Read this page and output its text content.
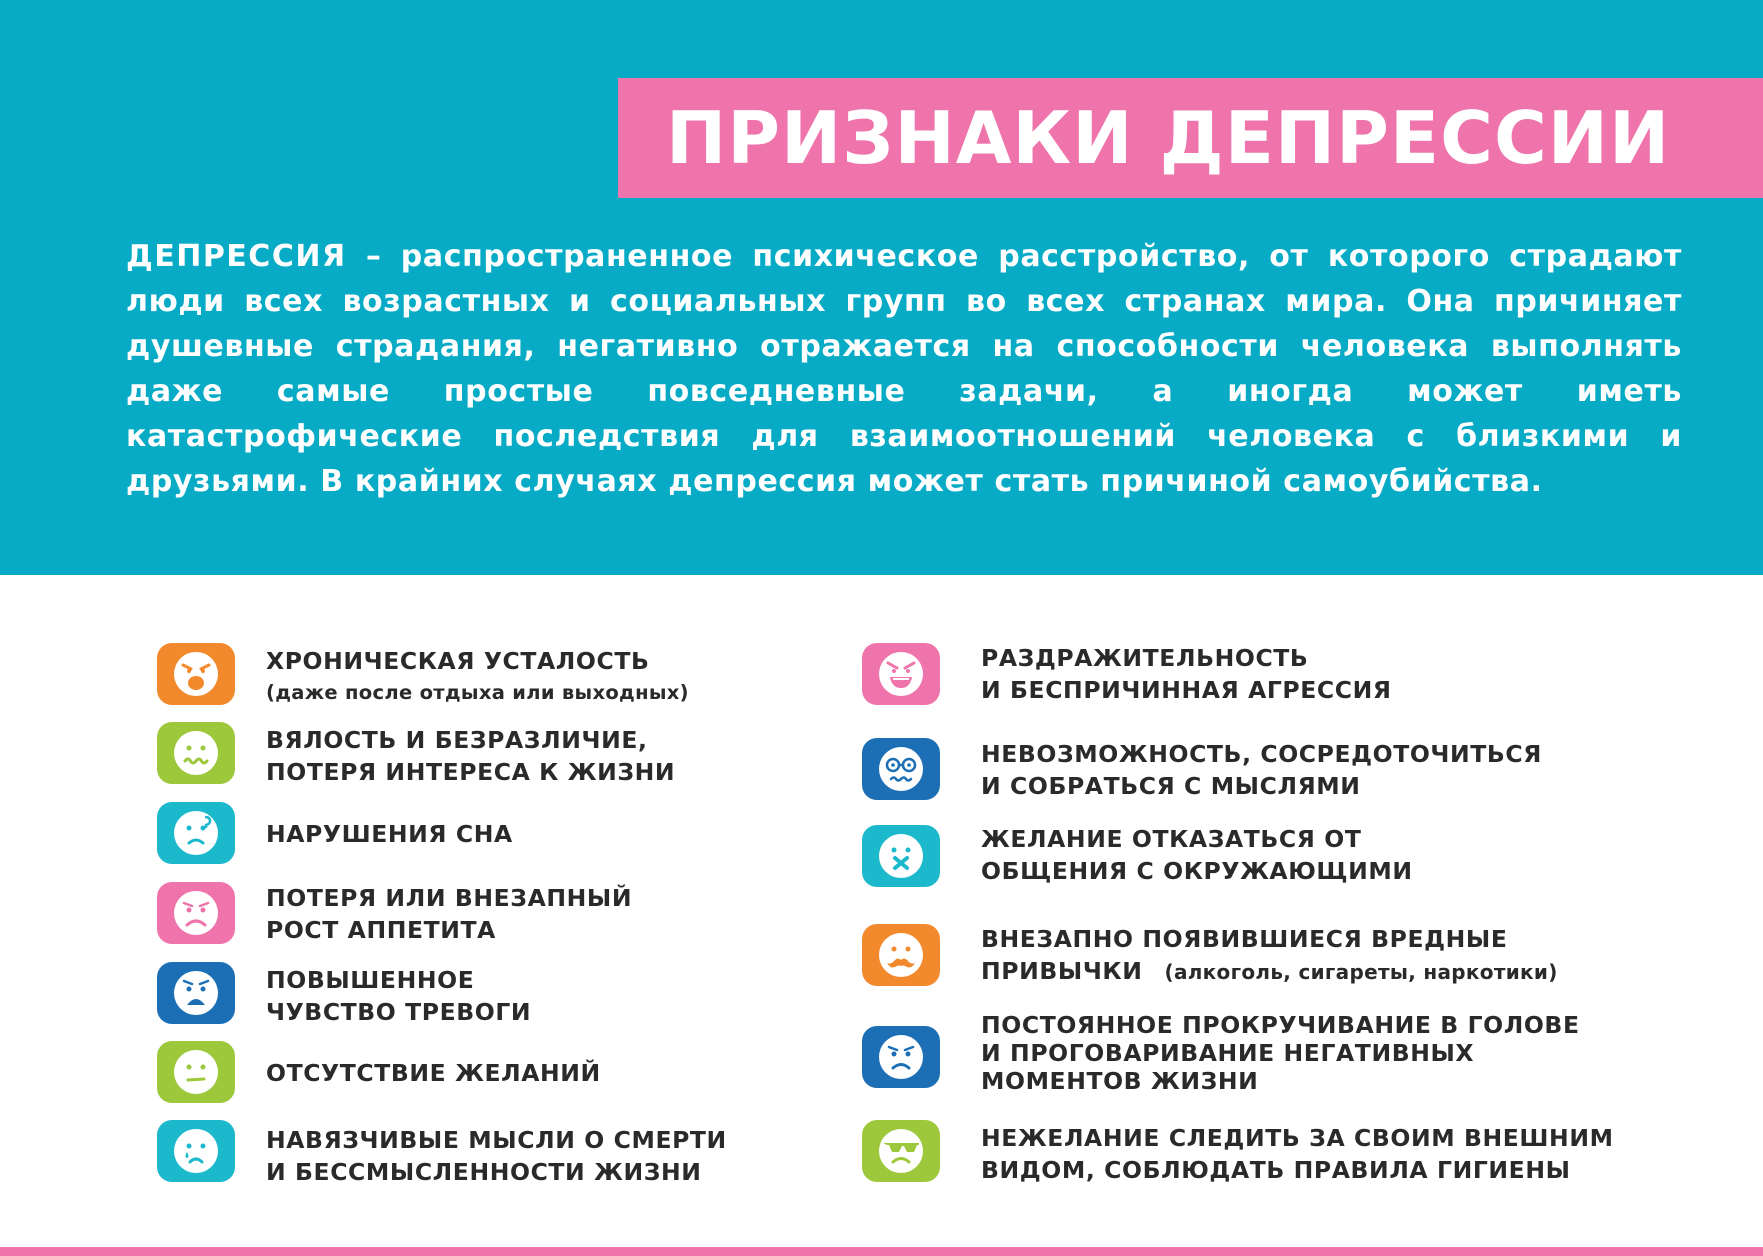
ПРИЗНАКИ ДЕПРЕССИИ

ДЕПРЕССИЯ – распространенное психическое расстройство, от которого страдают люди всех возрастных и социальных групп во всех странах мира. Она причиняет душевные страдания, негативно отражается на способности человека выполнять даже самые простые повседневные задачи, а иногда может иметь катастрофические последствия для взаимоотношений человека с близкими и друзьями. В крайних случаях депрессия может стать причиной самоубийства.

ХРОНИЧЕСКАЯ УСТАЛОСТЬ
(даже после отдыха или выходных)
ВЯЛОСТЬ И БЕЗРАЗЛИЧИЕ,
ПОТЕРЯ ИНТЕРЕСА К ЖИЗНИ
НАРУШЕНИЯ СНА
ПОТЕРЯ ИЛИ ВНЕЗАПНЫЙ
РОСТ АППЕТИТА
ПОВЫШЕННОЕ
ЧУВСТВО ТРЕВОГИ
ОТСУТСТВИЕ ЖЕЛАНИЙ
НАВЯЗЧИВЫЕ МЫСЛИ О СМЕРТИ
И БЕССМЫСЛЕННОСТИ ЖИЗНИ
РАЗДРАЖИТЕЛЬНОСТЬ
И БЕСПРИЧИННАЯ АГРЕССИЯ
НЕВОЗМОЖНОСТЬ, СОСРЕДОТОЧИТЬСЯ
И СОБРАТЬСЯ С МЫСЛЯМИ
ЖЕЛАНИЕ ОТКАЗАТЬСЯ ОТ
ОБЩЕНИЯ С ОКРУЖАЮЩИМИ
ВНЕЗАПНО ПОЯВИВШИЕСЯ ВРЕДНЫЕ
ПРИВЫЧКИ (алкоголь, сигареты, наркотики)
ПОСТОЯННОЕ ПРОКРУЧИВАНИЕ В ГОЛОВЕ
И ПРОГОВАРИВАНИЕ НЕГАТИВНЫХ
МОМЕНТОВ ЖИЗНИ
НЕЖЕЛАНИЕ СЛЕДИТЬ ЗА СВОИМ ВНЕШНИМ
ВИДОМ, СОБЛЮДАТЬ ПРАВИЛА ГИГИЕНЫ
